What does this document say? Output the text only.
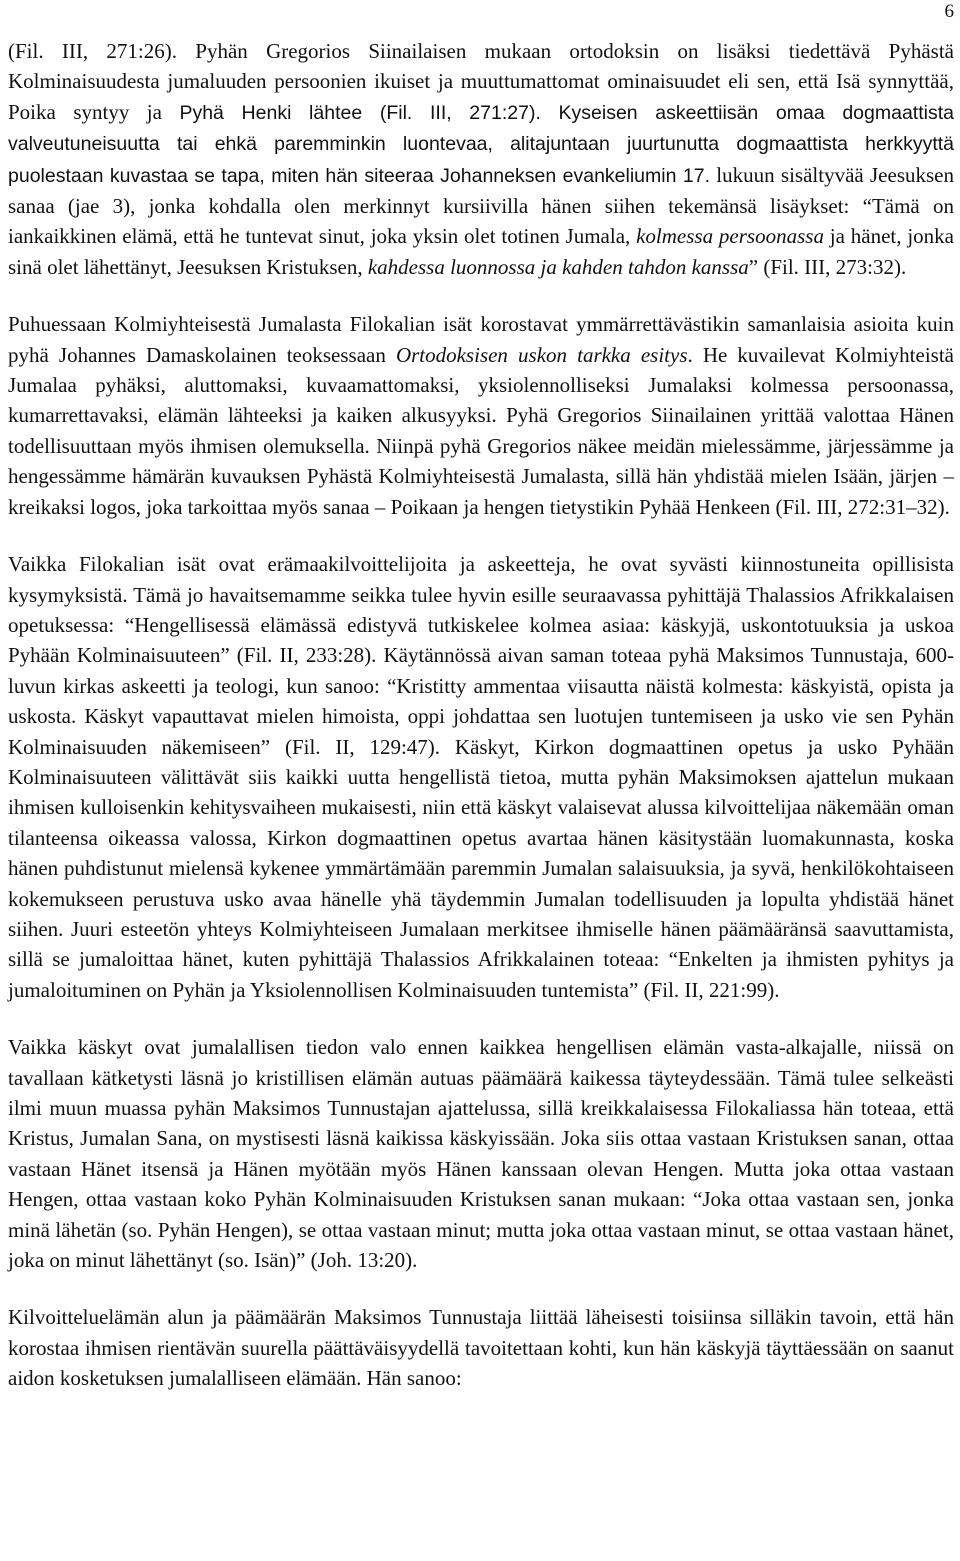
6

(Fil. III, 271:26). Pyhän Gregorios Siinailaisen mukaan ortodoksin on lisäksi tiedettävä Pyhästä Kolminaisuudesta jumaluuden persoonien ikuiset ja muuttumattomat ominaisuudet eli sen, että Isä synnyttää, Poika syntyy ja Pyhä Henki lähtee (Fil. III, 271:27). Kyseisen askeettiisän omaa dogmaattista valveutuneisuutta tai ehkä paremminkin luontevaa, alitajuntaan juurtunutta dogmaattista herkkyyttä puolestaan kuvastaa se tapa, miten hän siteeraa Johanneksen evankeliumin 17. lukuun sisältyvää Jeesuksen sanaa (jae 3), jonka kohdalla olen merkinnyt kursiivilla hänen siihen tekemänsä lisäykset: “Tämä on iankaikkinen elämä, että he tuntevat sinut, joka yksin olet totinen Jumala, kolmessa persoonassa ja hänet, jonka sinä olet lähettänyt, Jeesuksen Kristuksen, kahdessa luonnossa ja kahden tahdon kanssa” (Fil. III, 273:32).

Puhuessaan Kolmiyhteisestä Jumalasta Filokalian isät korostavat ymmärrettävästikin samanlaisia asioita kuin pyhä Johannes Damaskolainen teoksessaan Ortodoksisen uskon tarkka esitys. He kuvailevat Kolmiyhteistä Jumalaa pyhäksi, aluttomaksi, kuvaamattomaksi, yksiolennolliseksi Jumalaksi kolmessa persoonassa, kumarrettavaksi, elämän lähteeksi ja kaiken alkusyyksi. Pyhä Gregorios Siinailainen yrittää valottaa Hänen todellisuuttaan myös ihmisen olemuksella. Niinpä pyhä Gregorios näkee meidän mielessämme, järjessämme ja hengessämme hämärän kuvauksen Pyhästä Kolmiyhteisestä Jumalasta, sillä hän yhdistää mielen Isään, järjen – kreikaksi logos, joka tarkoittaa myös sanaa – Poikaan ja hengen tietystikin Pyhää Henkeen (Fil. III, 272:31–32).

Vaikka Filokalian isät ovat erämaakilvoittelijoita ja askeetteja, he ovat syvästi kiinnostuneita opillisista kysymyksistä. Tämä jo havaitsemamme seikka tulee hyvin esille seuraavassa pyhittäjä Thalassios Afrikkalaisen opetuksessa: “Hengellisessä elämässä edistyvä tutkiskelee kolmea asiaa: käskyjä, uskontotuuksia ja uskoa Pyhään Kolminaisuuteen” (Fil. II, 233:28). Käytännössä aivan saman toteaa pyhä Maksimos Tunnustaja, 600-luvun kirkas askeetti ja teologi, kun sanoo: “Kristitty ammentaa viisautta näistä kolmesta: käskyistä, opista ja uskosta. Käskyt vapauttavat mielen himoista, oppi johdattaa sen luotujen tuntemiseen ja usko vie sen Pyhän Kolminaisuuden näkemiseen” (Fil. II, 129:47). Käskyt, Kirkon dogmaattinen opetus ja usko Pyhään Kolminaisuuteen välittävät siis kaikki uutta hengellistä tietoa, mutta pyhän Maksimoksen ajattelun mukaan ihmisen kulloisenkin kehitysvaiheen mukaisesti, niin että käskyt valaisevat alussa kilvoittelijaa näkemään oman tilanteensa oikeassa valossa, Kirkon dogmaattinen opetus avartaa hänen käsitystään luomakunnasta, koska hänen puhdistunut mielensä kykenee ymmärtämään paremmin Jumalan salaisuuksia, ja syvä, henkilökohtaiseen kokemukseen perustuva usko avaa hänelle yhä täydemmin Jumalan todellisuuden ja lopulta yhdistää hänet siihen. Juuri esteetön yhteys Kolmiyhteiseen Jumalaan merkitsee ihmiselle hänen päämääränsä saavuttamista, sillä se jumaloittaa hänet, kuten pyhittäjä Thalassios Afrikkalainen toteaa: “Enkelten ja ihmisten pyhitys ja jumaloituminen on Pyhän ja Yksiolennollisen Kolminaisuuden tuntemista” (Fil. II, 221:99).

Vaikka käskyt ovat jumalallisen tiedon valo ennen kaikkea hengellisen elämän vasta-alkajalle, niissä on tavallaan kätketysti läsnä jo kristillisen elämän autuas päämäärä kaikessa täyteydessään. Tämä tulee selkeästi ilmi muun muassa pyhän Maksimos Tunnustajan ajattelussa, sillä kreikkalaisessa Filokaliassa hän toteaa, että Kristus, Jumalan Sana, on mystisesti läsnä kaikissa käskyissään. Joka siis ottaa vastaan Kristuksen sanan, ottaa vastaan Hänet itsensä ja Hänen myötään myös Hänen kanssaan olevan Hengen. Mutta joka ottaa vastaan Hengen, ottaa vastaan koko Pyhän Kolminaisuuden Kristuksen sanan mukaan: “Joka ottaa vastaan sen, jonka minä lähetän (so. Pyhän Hengen), se ottaa vastaan minut; mutta joka ottaa vastaan minut, se ottaa vastaan hänet, joka on minut lähettänyt (so. Isän)” (Joh. 13:20).

Kilvoitteluelämän alun ja päämäärän Maksimos Tunnustaja liittää läheisesti toisiinsa silläkin tavoin, että hän korostaa ihmisen rientävän suurella päättäväisyydellä tavoitettaan kohti, kun hän käskyjä täyttäessään on saanut aidon kosketuksen jumalalliseen elämään. Hän sanoo:
